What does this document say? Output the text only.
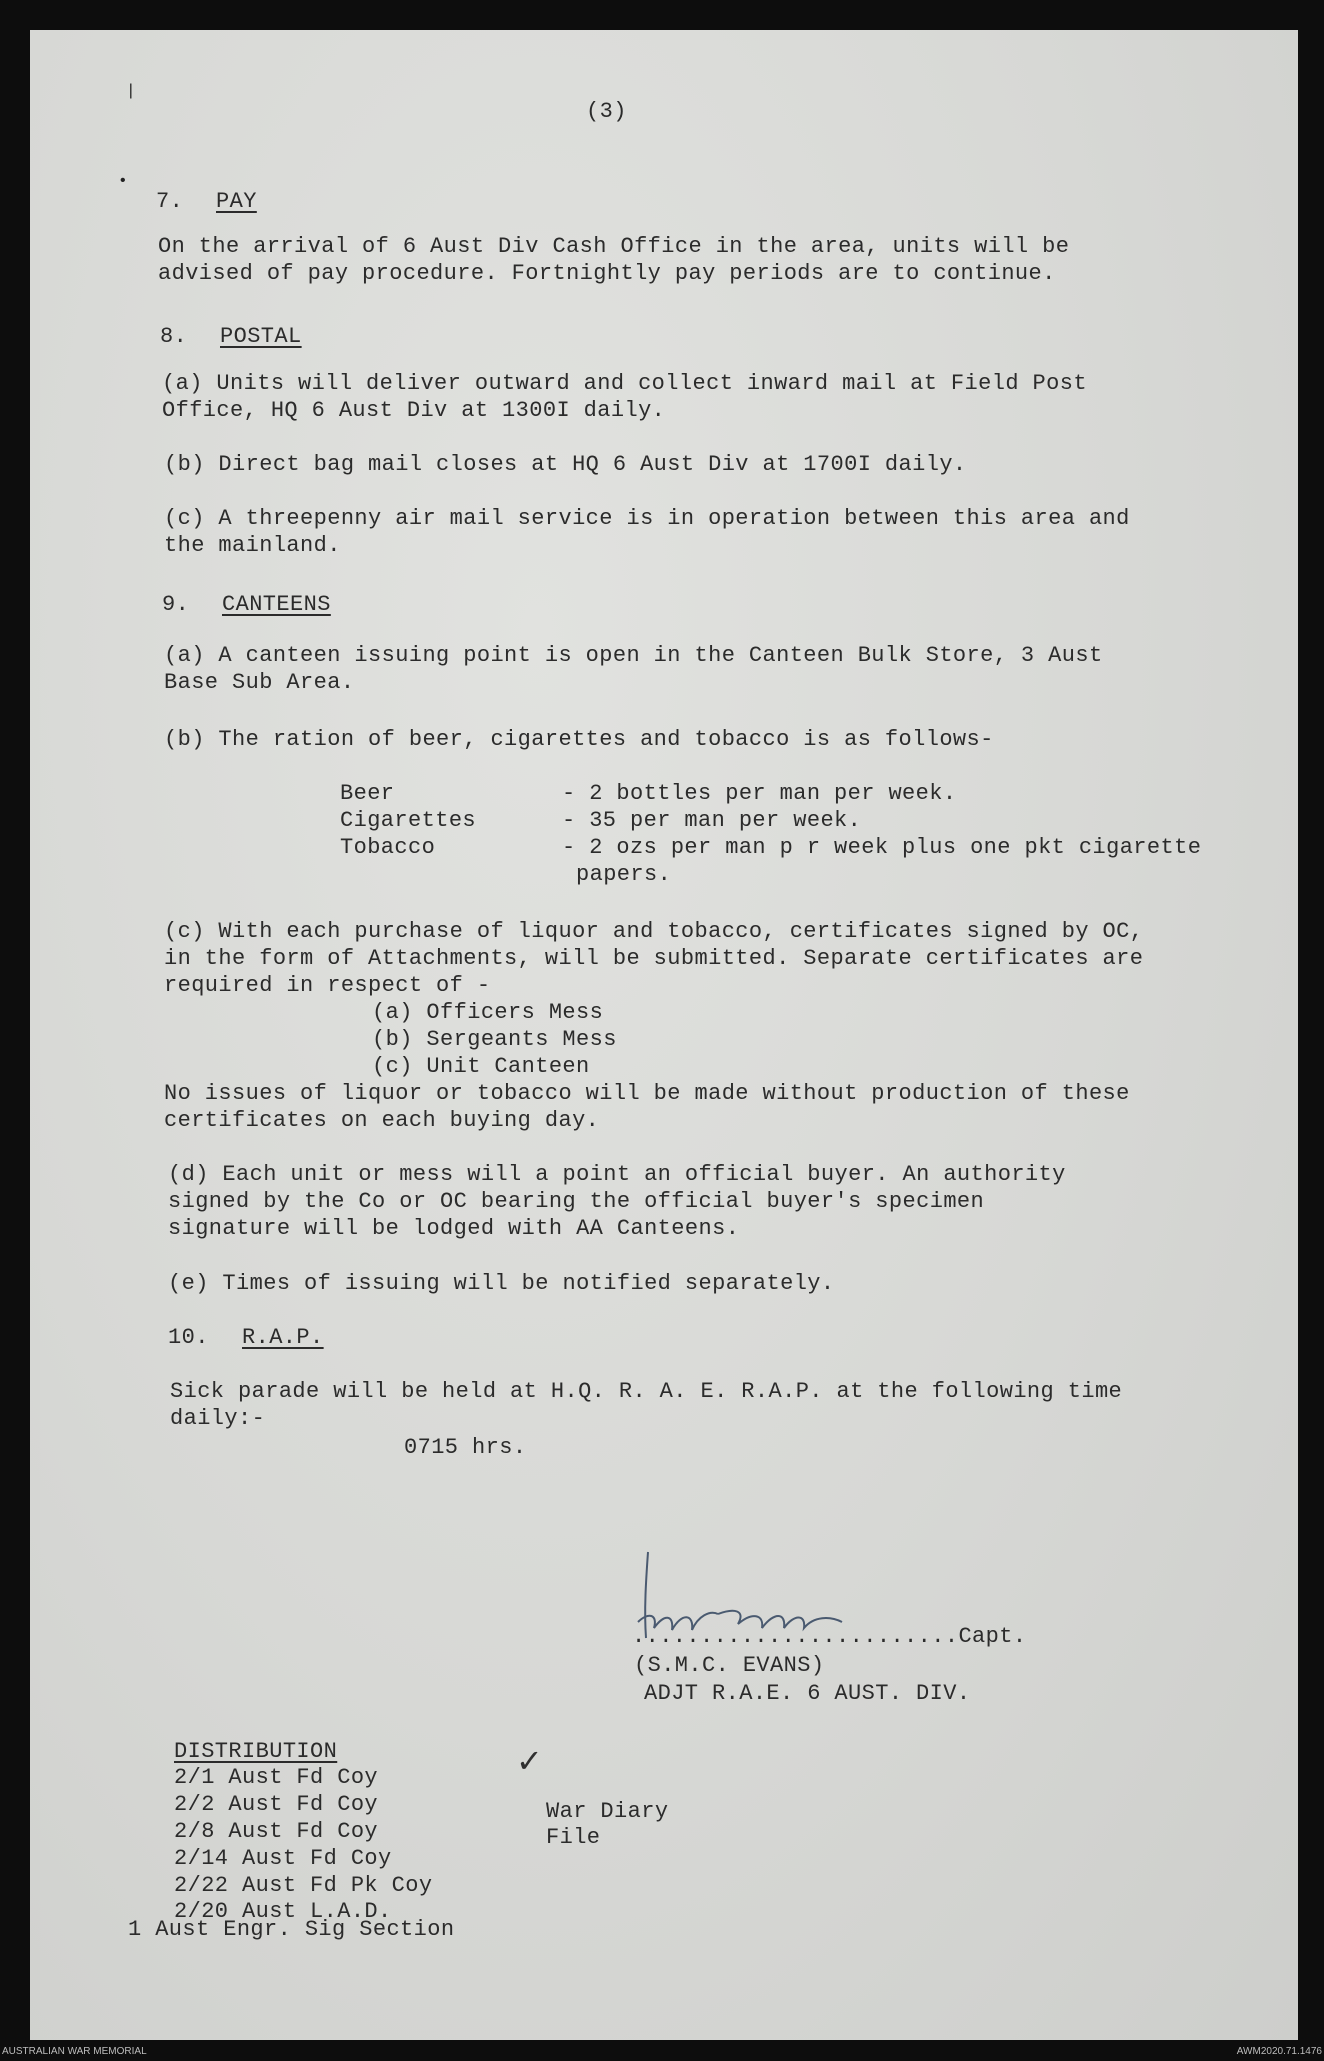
(3)
7. PAY
On the arrival of 6 Aust Div Cash Office in the area, units will be
advised of pay procedure. Fortnightly pay periods are to continue.
8. POSTAL
(a) Units will deliver outward and collect inward mail at Field Post
Office, HQ 6 Aust Div at 1300I daily.
(b) Direct bag mail closes at HQ 6 Aust Div at 1700I daily.
(c) A threepenny air mail service is in operation between this area and
the mainland.
9. CANTEENS
(a) A canteen issuing point is open in the Canteen Bulk Store, 3 Aust
Base Sub Area.
(b) The ration of beer, cigarettes and tobacco is as follows-
Beer	- 2 bottles per man per week.
Cigarettes	- 35 per man per week.
Tobacco	- 2 ozs per man p r week plus one pkt cigarette
papers.
(c) With each purchase of liquor and tobacco, certificates signed by OC,
in the form of Attachments, will be submitted. Separate certificates are
required in respect of -
(a) Officers Mess
(b) Sergeants Mess
(c) Unit Canteen
No issues of liquor or tobacco will be made without production of these
certificates on each buying day.
(d) Each unit or mess will a point an official buyer. An authority
signed by the Co or OC bearing the official buyer's specimen
signature will be lodged with AA Canteens.
(e) Times of issuing will be notified separately.
10. R.A.P.
Sick parade will be held at H.Q. R. A. E. R.A.P. at the following time
daily:-
0715 hrs.
........................Capt.
(S.M.C. EVANS)
ADJT R.A.E. 6 AUST. DIV.
DISTRIBUTION
2/1 Aust Fd Coy
2/2 Aust Fd Coy
2/8 Aust Fd Coy
2/14 Aust Fd Coy
2/22 Aust Fd Pk Coy
2/20 Aust L.A.D.
1 Aust Engr. Sig Section
✓
War Diary
File
|
•
AUSTRALIAN WAR MEMORIAL	AWM2020.71.1476
